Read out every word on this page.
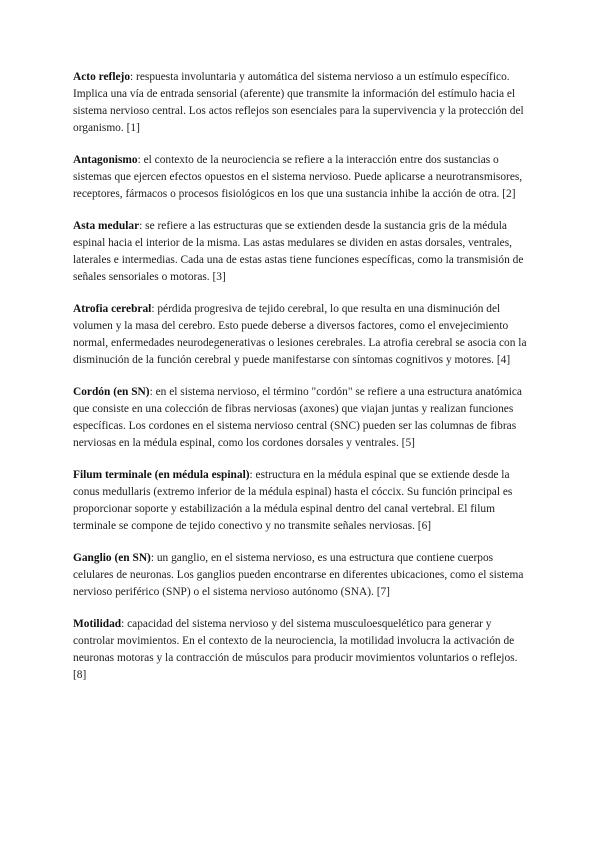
Acto reflejo: respuesta involuntaria y automática del sistema nervioso a un estímulo específico. Implica una vía de entrada sensorial (aferente) que transmite la información del estímulo hacia el sistema nervioso central. Los actos reflejos son esenciales para la supervivencia y la protección del organismo. [1]

Antagonismo: el contexto de la neurociencia se refiere a la interacción entre dos sustancias o sistemas que ejercen efectos opuestos en el sistema nervioso. Puede aplicarse a neurotransmisores, receptores, fármacos o procesos fisiológicos en los que una sustancia inhibe la acción de otra. [2]

Asta medular: se refiere a las estructuras que se extienden desde la sustancia gris de la médula espinal hacia el interior de la misma. Las astas medulares se dividen en astas dorsales, ventrales, laterales e intermedias. Cada una de estas astas tiene funciones específicas, como la transmisión de señales sensoriales o motoras. [3]

Atrofia cerebral: pérdida progresiva de tejido cerebral, lo que resulta en una disminución del volumen y la masa del cerebro. Esto puede deberse a diversos factores, como el envejecimiento normal, enfermedades neurodegenerativas o lesiones cerebrales. La atrofia cerebral se asocia con la disminución de la función cerebral y puede manifestarse con síntomas cognitivos y motores. [4]

Cordón (en SN): en el sistema nervioso, el término "cordón" se refiere a una estructura anatómica que consiste en una colección de fibras nerviosas (axones) que viajan juntas y realizan funciones específicas. Los cordones en el sistema nervioso central (SNC) pueden ser las columnas de fibras nerviosas en la médula espinal, como los cordones dorsales y ventrales. [5]

Filum terminale (en médula espinal): estructura en la médula espinal que se extiende desde la conus medullaris (extremo inferior de la médula espinal) hasta el cóccix. Su función principal es proporcionar soporte y estabilización a la médula espinal dentro del canal vertebral. El filum terminale se compone de tejido conectivo y no transmite señales nerviosas. [6]

Ganglio (en SN): un ganglio, en el sistema nervioso, es una estructura que contiene cuerpos celulares de neuronas. Los ganglios pueden encontrarse en diferentes ubicaciones, como el sistema nervioso periférico (SNP) o el sistema nervioso autónomo (SNA). [7]

Motilidad: capacidad del sistema nervioso y del sistema musculoesquelético para generar y controlar movimientos. En el contexto de la neurociencia, la motilidad involucra la activación de neuronas motoras y la contracción de músculos para producir movimientos voluntarios o reflejos. [8]
